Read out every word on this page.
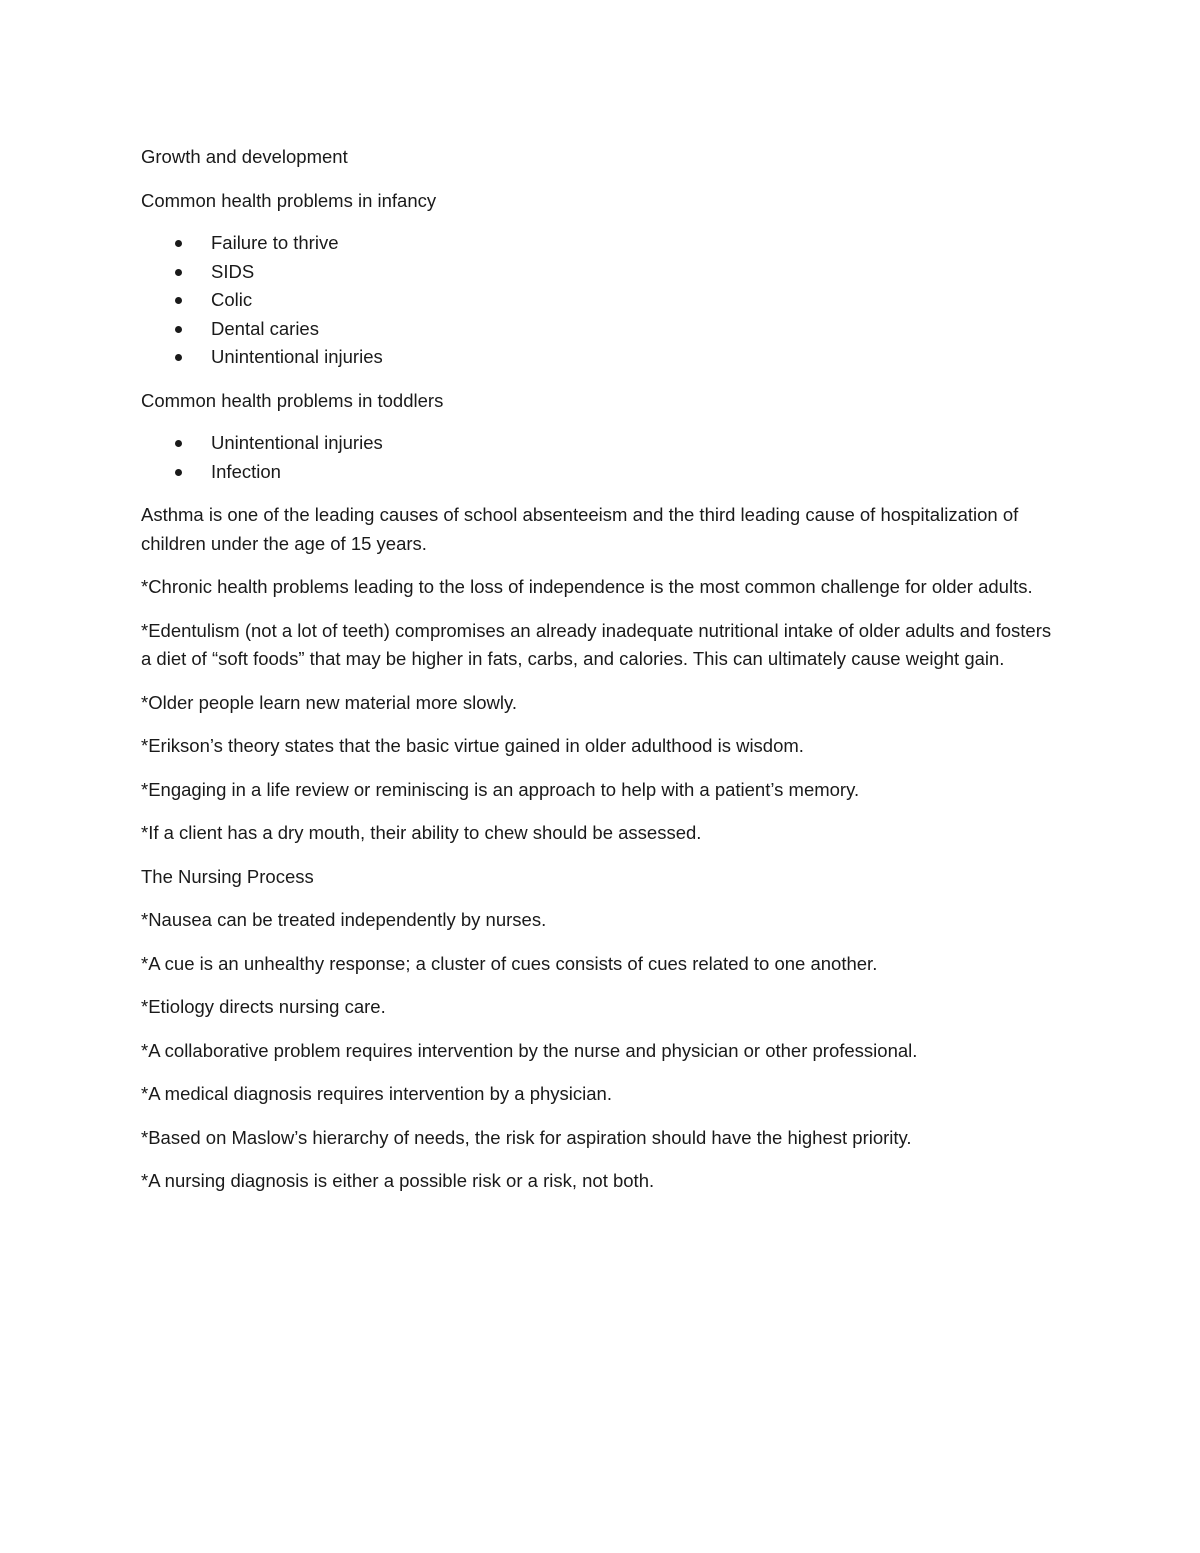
Growth and development

Common health problems in infancy

Failure to thrive
SIDS
Colic
Dental caries
Unintentional injuries

Common health problems in toddlers

Unintentional injuries
Infection

Asthma is one of the leading causes of school absenteeism and the third leading cause of hospitalization of children under the age of 15 years.

*Chronic health problems leading to the loss of independence is the most common challenge for older adults.

*Edentulism (not a lot of teeth) compromises an already inadequate nutritional intake of older adults and fosters a diet of “soft foods” that may be higher in fats, carbs, and calories. This can ultimately cause weight gain.

*Older people learn new material more slowly.

*Erikson’s theory states that the basic virtue gained in older adulthood is wisdom.

*Engaging in a life review or reminiscing is an approach to help with a patient’s memory.

*If a client has a dry mouth, their ability to chew should be assessed.

The Nursing Process

*Nausea can be treated independently by nurses.

*A cue is an unhealthy response; a cluster of cues consists of cues related to one another.

*Etiology directs nursing care.

*A collaborative problem requires intervention by the nurse and physician or other professional.

*A medical diagnosis requires intervention by a physician.

*Based on Maslow’s hierarchy of needs, the risk for aspiration should have the highest priority.

*A nursing diagnosis is either a possible risk or a risk, not both.
